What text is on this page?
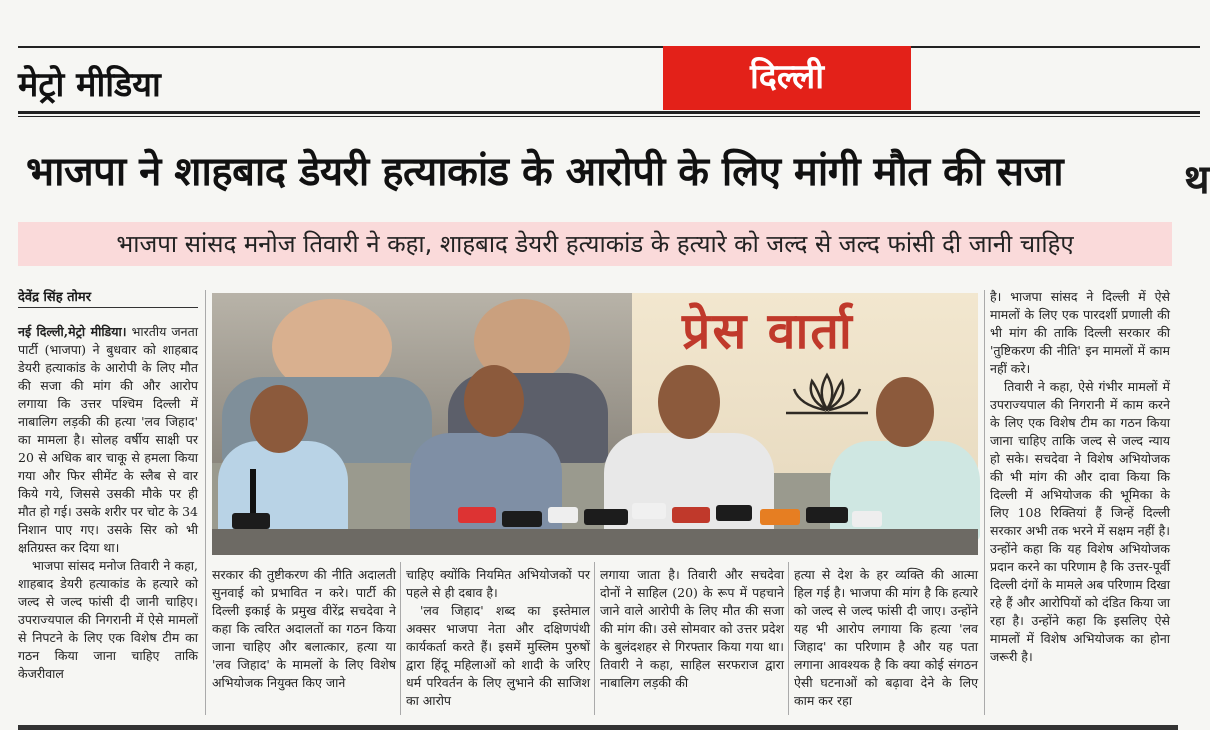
मेट्रो मीडिया	दिल्ली
भाजपा ने शाहबाद डेयरी हत्याकांड के आरोपी के लिए मांगी मौत की सजा	थ
भाजपा सांसद मनोज तिवारी ने कहा, शाहबाद डेयरी हत्याकांड के हत्यारे को जल्द से जल्द फांसी दी जानी चाहिए
देवेंद्र सिंह तोमर

नई दिल्ली,मेट्रो मीडिया। भारतीय जनता पार्टी (भाजपा) ने बुधवार को शाहबाद डेयरी हत्याकांड के आरोपी के लिए मौत की सजा की मांग की और आरोप लगाया कि उत्तर पश्चिम दिल्ली में नाबालिग लड़की की हत्या 'लव जिहाद' का मामला है। सोलह वर्षीय साक्षी पर 20 से अधिक बार चाकू से हमला किया गया और फिर सीमेंट के स्लैब से वार किये गये, जिससे उसकी मौके पर ही मौत हो गई। उसके शरीर पर चोट के 34 निशान पाए गए। उसके सिर को भी क्षतिग्रस्त कर दिया था।

भाजपा सांसद मनोज तिवारी ने कहा, शाहबाद डेयरी हत्याकांड के हत्यारे को जल्द से जल्द फांसी दी जानी चाहिए। उपराज्यपाल की निगरानी में ऐसे मामलों से निपटने के लिए एक विशेष टीम का गठन किया जाना चाहिए ताकि केजरीवाल

प्रेस वार्ता

सरकार की तुष्टीकरण की नीति अदालती सुनवाई को प्रभावित न करे। पार्टी की दिल्ली इकाई के प्रमुख वीरेंद्र सचदेवा ने कहा कि त्वरित अदालतों का गठन किया जाना चाहिए और बलात्कार, हत्या या 'लव जिहाद' के मामलों के लिए विशेष अभियोजक नियुक्त किए जाने

चाहिए क्योंकि नियमित अभियोजकों पर पहले से ही दबाव है।

'लव जिहाद' शब्द का इस्तेमाल अक्सर भाजपा नेता और दक्षिणपंथी कार्यकर्ता करते हैं। इसमें मुस्लिम पुरुषों द्वारा हिंदू महिलाओं को शादी के जरिए धर्म परिवर्तन के लिए लुभाने की साजिश का आरोप

लगाया जाता है। तिवारी और सचदेवा दोनों ने साहिल (20) के रूप में पहचाने जाने वाले आरोपी के लिए मौत की सजा की मांग की। उसे सोमवार को उत्तर प्रदेश के बुलंदशहर से गिरफ्तार किया गया था। तिवारी ने कहा, साहिल सरफराज द्वारा नाबालिग लड़की की

हत्या से देश के हर व्यक्ति की आत्मा हिल गई है। भाजपा की मांग है कि हत्यारे को जल्द से जल्द फांसी दी जाए। उन्होंने यह भी आरोप लगाया कि हत्या 'लव जिहाद' का परिणाम है और यह पता लगाना आवश्यक है कि क्या कोई संगठन ऐसी घटनाओं को बढ़ावा देने के लिए काम कर रहा

है। भाजपा सांसद ने दिल्ली में ऐसे मामलों के लिए एक पारदर्शी प्रणाली की भी मांग की ताकि दिल्ली सरकार की 'तुष्टिकरण की नीति' इन मामलों में काम नहीं करे।

तिवारी ने कहा, ऐसे गंभीर मामलों में उपराज्यपाल की निगरानी में काम करने के लिए एक विशेष टीम का गठन किया जाना चाहिए ताकि जल्द से जल्द न्याय हो सके। सचदेवा ने विशेष अभियोजक की भी मांग की और दावा किया कि दिल्ली में अभियोजक की भूमिका के लिए 108 रिक्तियां हैं जिन्हें दिल्ली सरकार अभी तक भरने में सक्षम नहीं है। उन्होंने कहा कि यह विशेष अभियोजक प्रदान करने का परिणाम है कि उत्तर-पूर्वी दिल्ली दंगों के मामले अब परिणाम दिखा रहे हैं और आरोपियों को दंडित किया जा रहा है। उन्होंने कहा कि इसलिए ऐसे मामलों में विशेष अभियोजक का होना जरूरी है।
